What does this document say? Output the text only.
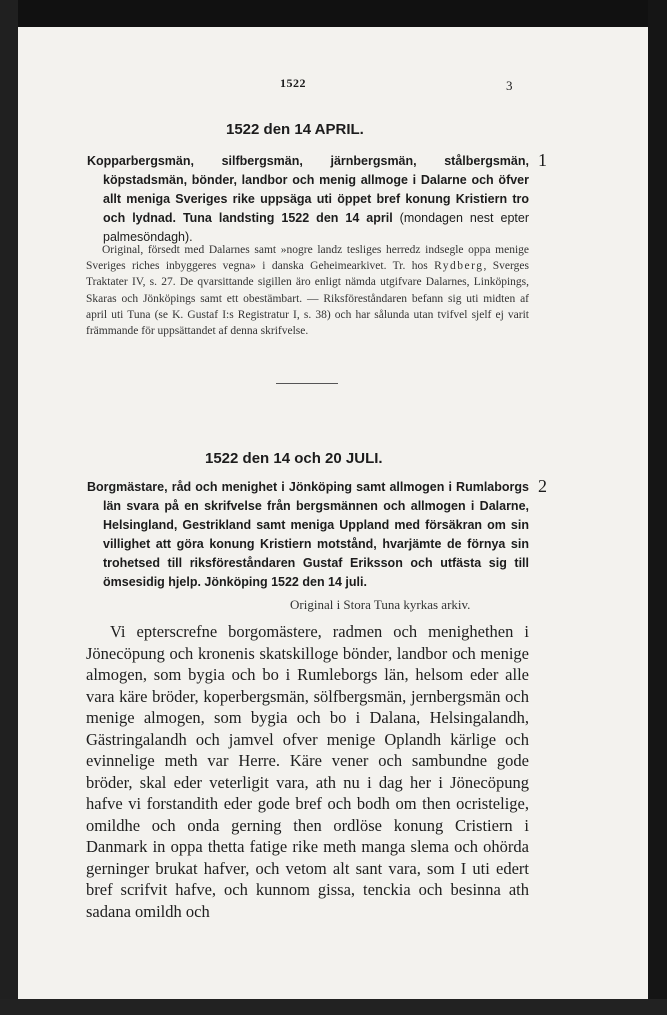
1522	3
1522 den 14 APRIL.
1

Kopparbergsmän, silfbergsmän, järnbergsmän, stålbergsmän, köpstadsmän, bönder, landbor och menig allmoge i Dalarne och öfver allt meniga Sveriges rike uppsäga uti öppet bref konung Kristiern tro och lydnad. Tuna landsting 1522 den 14 april (mondagen nest epter palmesöndagh).

Original, försedt med Dalarnes samt »nogre landz tesliges herredz indsegle oppa menige Sveriges riches inbyggeres vegna» i danska Geheimearkivet. Tr. hos Rydberg, Sverges Traktater IV, s. 27. De qvarsittande sigillen äro enligt nämda utgifvare Dalarnes, Linköpings, Skaras och Jönköpings samt ett obestämbart. — Riksföreståndaren befann sig uti midten af april uti Tuna (se K. Gustaf I:s Registratur I, s. 38) och har sålunda utan tvifvel sjelf ej varit främmande för uppsättandet af denna skrifvelse.

1522 den 14 och 20 JULI.
2

Borgmästare, råd och menighet i Jönköping samt allmogen i Rumlaborgs län svara på en skrifvelse från bergsmännen och allmogen i Dalarne, Helsingland, Gestrikland samt meniga Uppland med försäkran om sin villighet att göra konung Kristiern motstånd, hvarjämte de förnya sin trohetsed till riksföreståndaren Gustaf Eriksson och utfästa sig till ömsesidig hjelp. Jönköping 1522 den 14 juli.

Original i Stora Tuna kyrkas arkiv.

Vi epterscrefne borgomästere, radmen och menighethen i Jönecöpung och kronenis skatskilloge bönder, landbor och menige almogen, som bygia och bo i Rumleborgs län, helsom eder alle vara käre bröder, koperbergsmän, sölfbergsmän, jernbergsmän och menige almogen, som bygia och bo i Dalana, Helsingalandh, Gästringalandh och jamvel ofver menige Oplandh kärlige och evinnelige meth var Herre. Käre vener och sambundne gode bröder, skal eder veterligit vara, ath nu i dag her i Jönecöpung hafve vi forstandith eder gode bref och bodh om then ocristelige, omildhe och onda gerning then ordlöse konung Cristiern i Danmark in oppa thetta fatige rike meth manga slema och ohörda gerninger brukat hafver, och vetom alt sant vara, som I uti edert bref scrifvit hafve, och kunnom gissa, tenckia och besinna ath sadana omildh och
